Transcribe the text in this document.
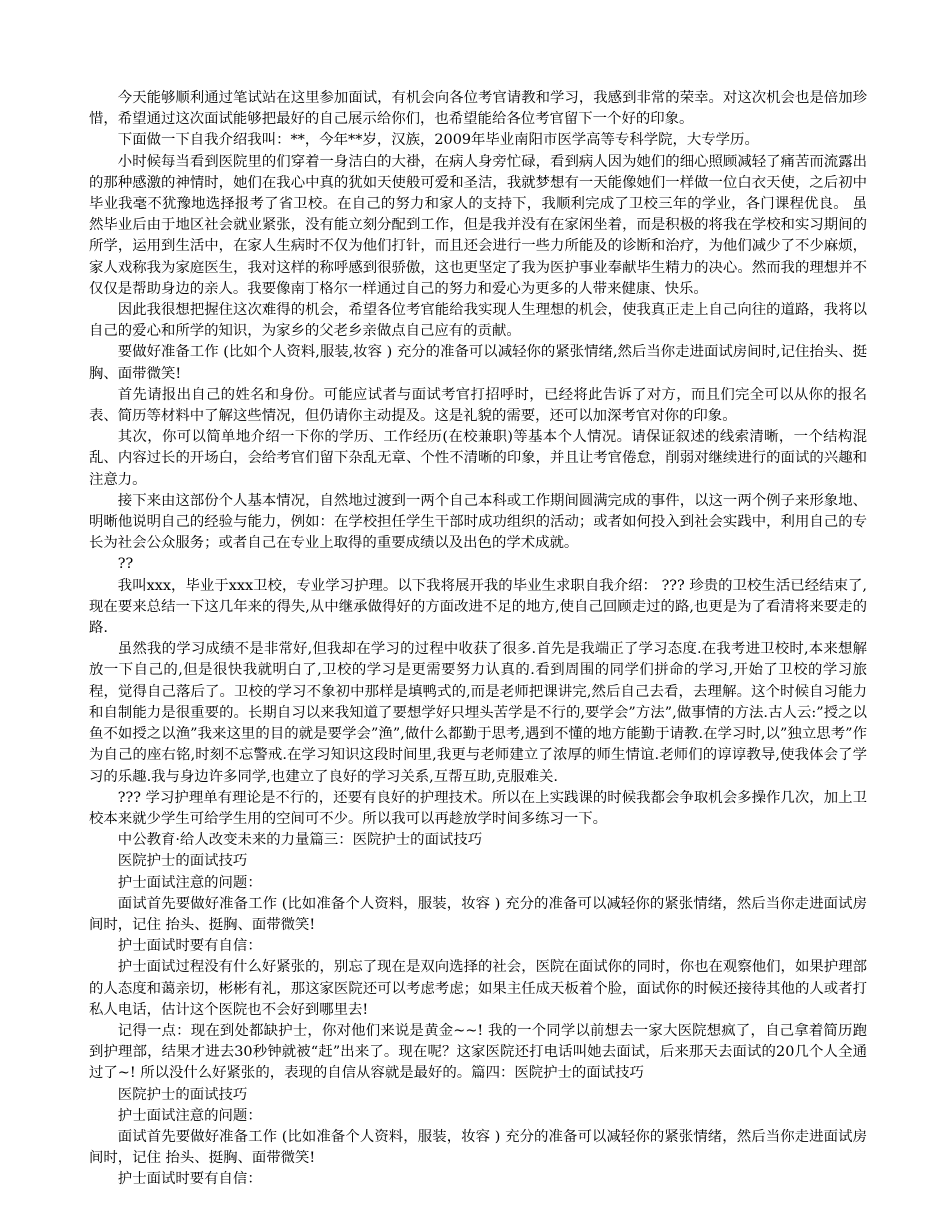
今天能够顺利通过笔试站在这里参加面试，有机会向各位考官请教和学习，我感到非常的荣幸。对这次机会也是倍加珍惜，希望通过这次面试能够把最好的自己展示给你们，也希望能给各位考官留下一个好的印象。

下面做一下自我介绍我叫：**，今年**岁，汉族，2009年毕业南阳市医学高等专科学院，大专学历。

小时候每当看到医院里的们穿着一身洁白的大褂，在病人身旁忙碌，看到病人因为她们的细心照顾减轻了痛苦而流露出的那种感激的神情时，她们在我心中真的犹如天使般可爱和圣洁，我就梦想有一天能像她们一样做一位白衣天使，之后初中毕业我毫不犹豫地选择报考了省卫校。在自己的努力和家人的支持下，我顺利完成了卫校三年的学业，各门课程优良。 虽然毕业后由于地区社会就业紧张，没有能立刻分配到工作，但是我并没有在家闲坐着，而是积极的将我在学校和实习期间的所学，运用到生活中，在家人生病时不仅为他们打针，而且还会进行一些力所能及的诊断和治疗，为他们减少了不少麻烦，家人戏称我为家庭医生，我对这样的称呼感到很骄傲，这也更坚定了我为医护事业奉献毕生精力的决心。然而我的理想并不仅仅是帮助身边的亲人。我要像南丁格尔一样通过自己的努力和爱心为更多的人带来健康、快乐。

因此我很想把握住这次难得的机会，希望各位考官能给我实现人生理想的机会，使我真正走上自己向往的道路，我将以自己的爱心和所学的知识，为家乡的父老乡亲做点自己应有的贡献。

要做好准备工作 (比如个人资料,服装,妆容 ) 充分的准备可以减轻你的紧张情绪,然后当你走进面试房间时,记住抬头、挺胸、面带微笑!

首先请报出自己的姓名和身份。可能应试者与面试考官打招呼时，已经将此告诉了对方，而且们完全可以从你的报名表、简历等材料中了解这些情况，但仍请你主动提及。这是礼貌的需要，还可以加深考官对你的印象。

其次，你可以简单地介绍一下你的学历、工作经历(在校兼职)等基本个人情况。请保证叙述的线索清晰，一个结构混乱、内容过长的开场白，会给考官们留下杂乱无章、个性不清晰的印象，并且让考官倦怠，削弱对继续进行的面试的兴趣和注意力。

接下来由这部份个人基本情况，自然地过渡到一两个自己本科或工作期间圆满完成的事件，以这一两个例子来形象地、明晰他说明自己的经验与能力，例如：在学校担任学生干部时成功组织的活动；或者如何投入到社会实践中，利用自己的专长为社会公众服务；或者自己在专业上取得的重要成绩以及出色的学术成就。

??

我叫xxx，毕业于xxx卫校，专业学习护理。以下我将展开我的毕业生求职自我介绍： ??? 珍贵的卫校生活已经结束了,现在要来总结一下这几年来的得失,从中继承做得好的方面改进不足的地方,使自己回顾走过的路,也更是为了看清将来要走的路.

虽然我的学习成绩不是非常好,但我却在学习的过程中收获了很多.首先是我端正了学习态度.在我考进卫校时,本来想解放一下自己的,但是很快我就明白了,卫校的学习是更需要努力认真的.看到周围的同学们拼命的学习,开始了卫校的学习旅程，觉得自己落后了。卫校的学习不象初中那样是填鸭式的,而是老师把课讲完,然后自己去看，去理解。这个时候自习能力和自制能力是很重要的。长期自习以来我知道了要想学好只埋头苦学是不行的,要学会”方法”,做事情的方法.古人云:”授之以鱼不如授之以渔”我来这里的目的就是要学会”渔”,做什么都勤于思考,遇到不懂的地方能勤于请教.在学习时,以”独立思考”作为自己的座右铭,时刻不忘警戒.在学习知识这段时间里,我更与老师建立了浓厚的师生情谊.老师们的谆谆教导,使我体会了学习的乐趣.我与身边许多同学,也建立了良好的学习关系,互帮互助,克服难关.

??? 学习护理单有理论是不行的，还要有良好的护理技术。所以在上实践课的时候我都会争取机会多操作几次，加上卫校本来就少学生可给学生用的空间可不少。所以我可以再趁放学时间多练习一下。

中公教育·给人改变未来的力量篇三：医院护士的面试技巧

医院护士的面试技巧

护士面试注意的问题：

面试首先要做好准备工作 (比如准备个人资料，服装，妆容 ) 充分的准备可以减轻你的紧张情绪，然后当你走进面试房间时，记住 抬头、挺胸、面带微笑!

护士面试时要有自信：

护士面试过程没有什么好紧张的，别忘了现在是双向选择的社会，医院在面试你的同时，你也在观察他们，如果护理部的人态度和蔼亲切，彬彬有礼，那这家医院还可以考虑考虑；如果主任成天板着个脸，面试你的时候还接待其他的人或者打私人电话，估计这个医院也不会好到哪里去!

记得一点：现在到处都缺护士，你对他们来说是黄金~~! 我的一个同学以前想去一家大医院想疯了，自己拿着简历跑到护理部，结果才进去30秒钟就被“赶”出来了。现在呢？这家医院还打电话叫她去面试，后来那天去面试的20几个人全通过了~! 所以没什么好紧张的，表现的自信从容就是最好的。篇四：医院护士的面试技巧

医院护士的面试技巧

护士面试注意的问题：

面试首先要做好准备工作 (比如准备个人资料，服装，妆容 ) 充分的准备可以减轻你的紧张情绪，然后当你走进面试房间时，记住 抬头、挺胸、面带微笑!

护士面试时要有自信：
